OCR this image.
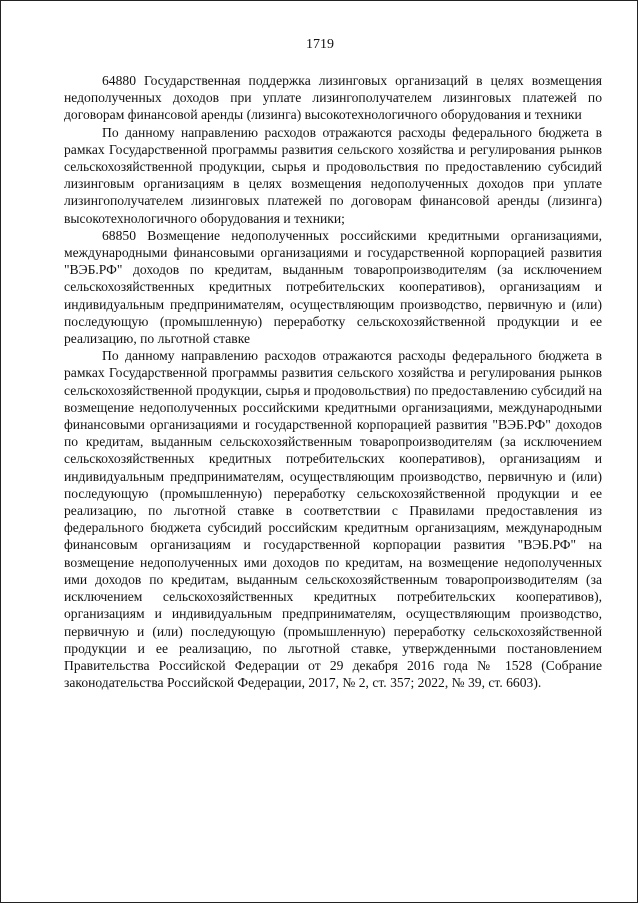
1719

64880 Государственная поддержка лизинговых организаций в целях возмещения недополученных доходов при уплате лизингополучателем лизинговых платежей по договорам финансовой аренды (лизинга) высокотехнологичного оборудования и техники

По данному направлению расходов отражаются расходы федерального бюджета в рамках Государственной программы развития сельского хозяйства и регулирования рынков сельскохозяйственной продукции, сырья и продовольствия по предоставлению субсидий лизинговым организациям в целях возмещения недополученных доходов при уплате лизингополучателем лизинговых платежей по договорам финансовой аренды (лизинга) высокотехнологичного оборудования и техники;

68850 Возмещение недополученных российскими кредитными организациями, международными финансовыми организациями и государственной корпорацией развития "ВЭБ.РФ" доходов по кредитам, выданным товаропроизводителям (за исключением сельскохозяйственных кредитных потребительских кооперативов), организациям и индивидуальным предпринимателям, осуществляющим производство, первичную и (или) последующую (промышленную) переработку сельскохозяйственной продукции и ее реализацию, по льготной ставке

По данному направлению расходов отражаются расходы федерального бюджета в рамках Государственной программы развития сельского хозяйства и регулирования рынков сельскохозяйственной продукции, сырья и продовольствия) по предоставлению субсидий на возмещение недополученных российскими кредитными организациями, международными финансовыми организациями и государственной корпорацией развития "ВЭБ.РФ" доходов по кредитам, выданным сельскохозяйственным товаропроизводителям (за исключением сельскохозяйственных кредитных потребительских кооперативов), организациям и индивидуальным предпринимателям, осуществляющим производство, первичную и (или) последующую (промышленную) переработку сельскохозяйственной продукции и ее реализацию, по льготной ставке в соответствии с Правилами предоставления из федерального бюджета субсидий российским кредитным организациям, международным финансовым организациям и государственной корпорации развития "ВЭБ.РФ" на возмещение недополученных ими доходов по кредитам, на возмещение недополученных ими доходов по кредитам, выданным сельскохозяйственным товаропроизводителям (за исключением сельскохозяйственных кредитных потребительских кооперативов), организациям и индивидуальным предпринимателям, осуществляющим производство, первичную и (или) последующую (промышленную) переработку сельскохозяйственной продукции и ее реализацию, по льготной ставке, утвержденными постановлением Правительства Российской Федерации от 29 декабря 2016 года № 1528 (Собрание законодательства Российской Федерации, 2017, № 2, ст. 357; 2022, № 39, ст. 6603).
